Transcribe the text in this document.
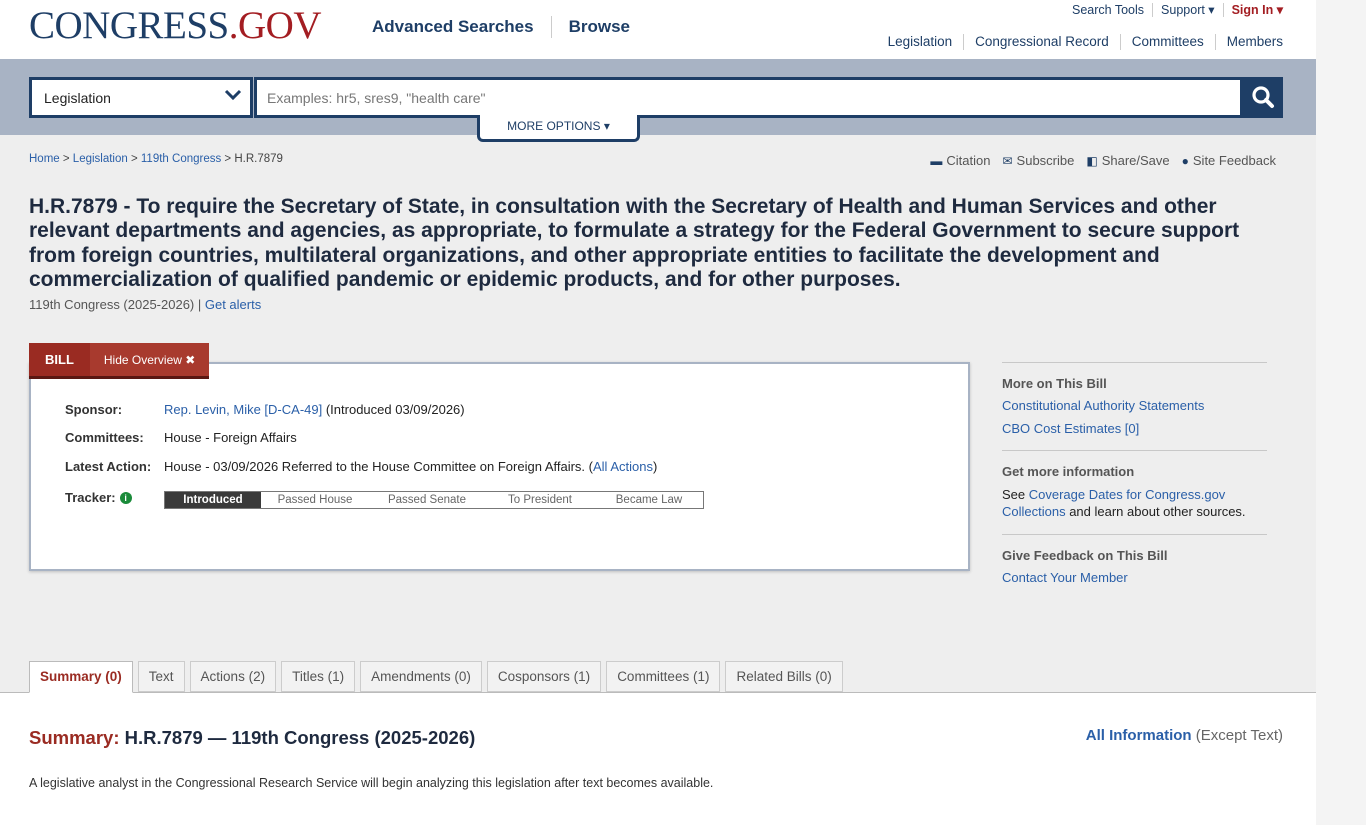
CONGRESS.GOV	Advanced Searches Browse
Search Tools	Support ▾	Sign In ▾
Legislation	Congressional Record	Committees	Members
Legislation	Examples: hr5, sres9, "health care"
MORE OPTIONS ▾
Home > Legislation > 119th Congress > H.R.7879	▬ Citation ✉ Subscribe ◧ Share/Save ● Site Feedback
H.R.7879 - To require the Secretary of State, in consultation with the Secretary of Health and Human Services and other relevant departments and agencies, as appropriate, to formulate a strategy for the Federal Government to secure support from foreign countries, multilateral organizations, and other appropriate entities to facilitate the development and commercialization of qualified pandemic or epidemic products, and for other purposes.
119th Congress (2025-2026) | Get alerts
BILL	Hide Overview ✖
Sponsor:	Rep. Levin, Mike [D-CA-49] (Introduced 03/09/2026)
Committees:	House - Foreign Affairs
Latest Action: House - 03/09/2026 Referred to the House Committee on Foreign Affairs. (All Actions)
Tracker: i	Introduced	Passed House	Passed Senate	To President	Became Law
More on This Bill
Constitutional Authority Statements
CBO Cost Estimates [0]
Get more information

See Coverage Dates for Congress.gov Collections and learn about other sources.

Give Feedback on This Bill
Contact Your Member
Summary (0)	Text	Actions (2)	Titles (1)	Amendments (0)	Cosponsors (1)	Committees (1)	Related Bills (0)
Summary: H.R.7879 — 119th Congress (2025-2026)	All Information (Except Text)

A legislative analyst in the Congressional Research Service will begin analyzing this legislation after text becomes available.
